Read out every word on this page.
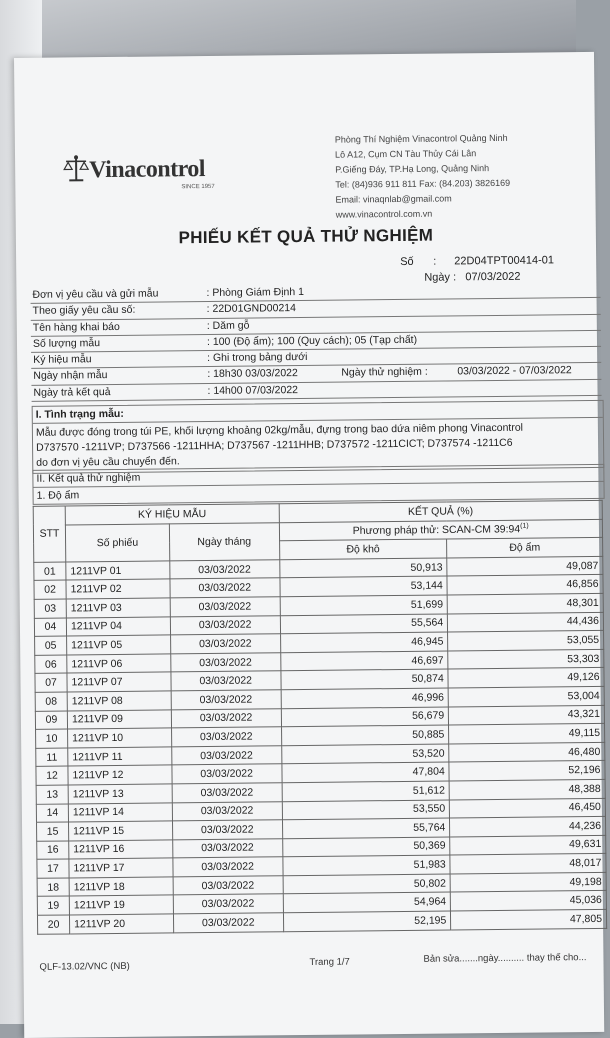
Vinacontrol
SINCE 1957
Phòng Thí Nghiệm Vinacontrol Quảng Ninh
Lô A12, Cụm CN Tàu Thủy Cái Lân
P.Giếng Đáy, TP.Hạ Long, Quảng Ninh
Tel: (84)936 911 811 Fax: (84.203) 3826169
Email: vinaqnlab@gmail.com
www.vinacontrol.com.vn
PHIẾU KẾT QUẢ THỬ NGHIỆM
Số : 22D04TPT00414-01
Ngày : 07/03/2022
Đơn vị yêu cầu và gửi mẫu	: Phòng Giám Định 1
Theo giấy yêu cầu số:	: 22D01GND00214
Tên hàng khai báo	: Dăm gỗ
Số lượng mẫu	: 100 (Độ ẩm); 100 (Quy cách); 05 (Tạp chất)
Ký hiệu mẫu	: Ghi trong bảng dưới
Ngày nhận mẫu	: 18h30 03/03/2022	Ngày thử nghiệm :	03/03/2022 - 07/03/2022
Ngày trả kết quả	: 14h00 07/03/2022
I. Tình trạng mẫu:
Mẫu được đóng trong túi PE, khối lượng khoảng 02kg/mẫu, đựng trong bao dứa niêm phong Vinacontrol
D737570 -1211VP; D737566 -1211HHA; D737567 -1211HHB; D737572 -1211CICT; D737574 -1211C6
do đơn vị yêu cầu chuyển đến.
II. Kết quả thử nghiệm
1. Độ ẩm
STT	KÝ HIỆU MẪU		KẾT QUẢ (%)	
	Số phiếu	Ngày tháng	Phương pháp thử: SCAN-CM 39:94$^{(1)}$
			Độ khô	Độ ẩm
01	1211VP 01	03/03/2022	50,913	49,087
02	1211VP 02	03/03/2022	53,144	46,856
03	1211VP 03	03/03/2022	51,699	48,301
04	1211VP 04	03/03/2022	55,564	44,436
05	1211VP 05	03/03/2022	46,945	53,055
06	1211VP 06	03/03/2022	46,697	53,303
07	1211VP 07	03/03/2022	50,874	49,126
08	1211VP 08	03/03/2022	46,996	53,004
09	1211VP 09	03/03/2022	56,679	43,321
10	1211VP 10	03/03/2022	50,885	49,115
11	1211VP 11	03/03/2022	53,520	46,480
12	1211VP 12	03/03/2022	47,804	52,196
13	1211VP 13	03/03/2022	51,612	48,388
14	1211VP 14	03/03/2022	53,550	46,450
15	1211VP 15	03/03/2022	55,764	44,236
16	1211VP 16	03/03/2022	50,369	49,631
17	1211VP 17	03/03/2022	51,983	48,017
18	1211VP 18	03/03/2022	50,802	49,198
19	1211VP 19	03/03/2022	54,964	45,036
20	1211VP 20	03/03/2022	52,195	47,805
QLF-13.02/VNC (NB)	Trang 1/7	Bản sửa.......ngày.......... thay thế cho...
